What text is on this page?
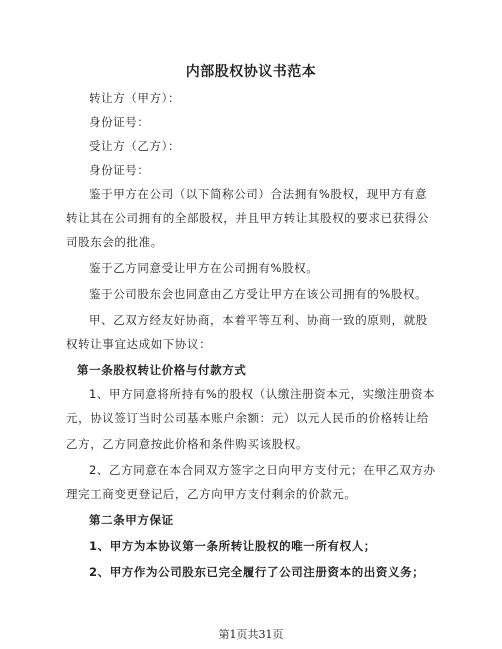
内部股权协议书范本
转让方（甲方）：
身份证号：
受让方（乙方）：
身份证号：
鉴于甲方在公司（以下简称公司）合法拥有%股权，现甲方有意
转让其在公司拥有的全部股权，并且甲方转让其股权的要求已获得公
司股东会的批准。
鉴于乙方同意受让甲方在公司拥有%股权。
鉴于公司股东会也同意由乙方受让甲方在该公司拥有的%股权。
甲、乙双方经友好协商，本着平等互利、协商一致的原则，就股
权转让事宜达成如下协议：
第一条股权转让价格与付款方式
1、甲方同意将所持有%的股权（认缴注册资本元，实缴注册资本
元，协议签订当时公司基本账户余额：元）以元人民币的价格转让给
乙方，乙方同意按此价格和条件购买该股权。
2、乙方同意在本合同双方签字之日向甲方支付元；在甲乙双方办
理完工商变更登记后，乙方向甲方支付剩余的价款元。
第二条甲方保证
1、甲方为本协议第一条所转让股权的唯一所有权人；
2、甲方作为公司股东已完全履行了公司注册资本的出资义务；
第1页共31页
